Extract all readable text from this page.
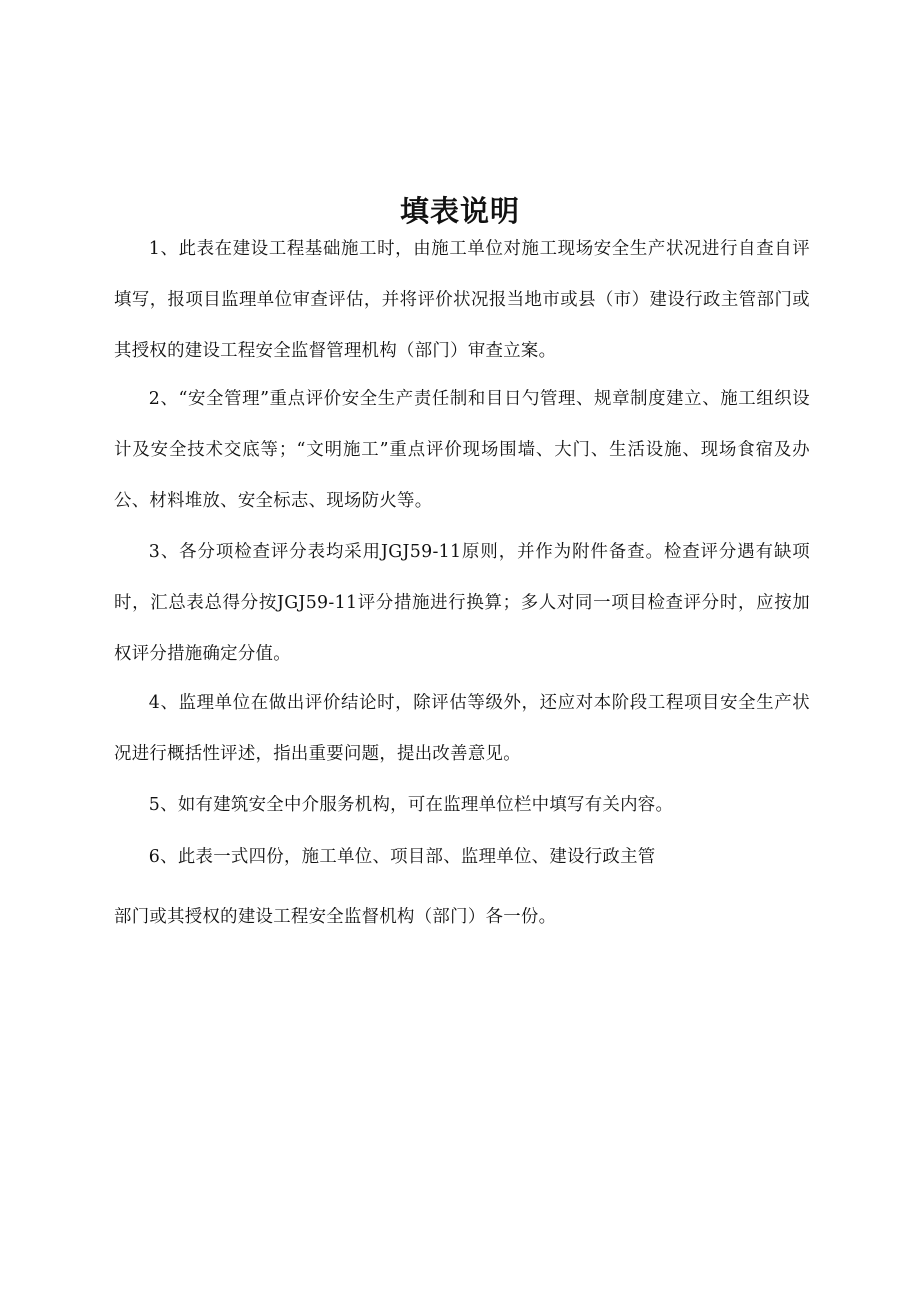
填表说明

1、此表在建设工程基础施工时，由施工单位对施工现场安全生产状况进行自查自评填写，报项目监理单位审查评估，并将评价状况报当地市或县（市）建设行政主管部门或其授权的建设工程安全监督管理机构（部门）审查立案。

2、“安全管理”重点评价安全生产责任制和目日勺管理、规章制度建立、施工组织设计及安全技术交底等；“文明施工”重点评价现场围墙、大门、生活设施、现场食宿及办公、材料堆放、安全标志、现场防火等。

3、各分项检查评分表均采用JGJ59-11原则，并作为附件备查。检查评分遇有缺项时，汇总表总得分按JGJ59-11评分措施进行换算；多人对同一项目检查评分时，应按加权评分措施确定分值。

4、监理单位在做出评价结论时，除评估等级外，还应对本阶段工程项目安全生产状况进行概括性评述，指出重要问题，提出改善意见。

5、如有建筑安全中介服务机构，可在监理单位栏中填写有关内容。

6、此表一式四份，施工单位、项目部、监理单位、建设行政主管

部门或其授权的建设工程安全监督机构（部门）各一份。
